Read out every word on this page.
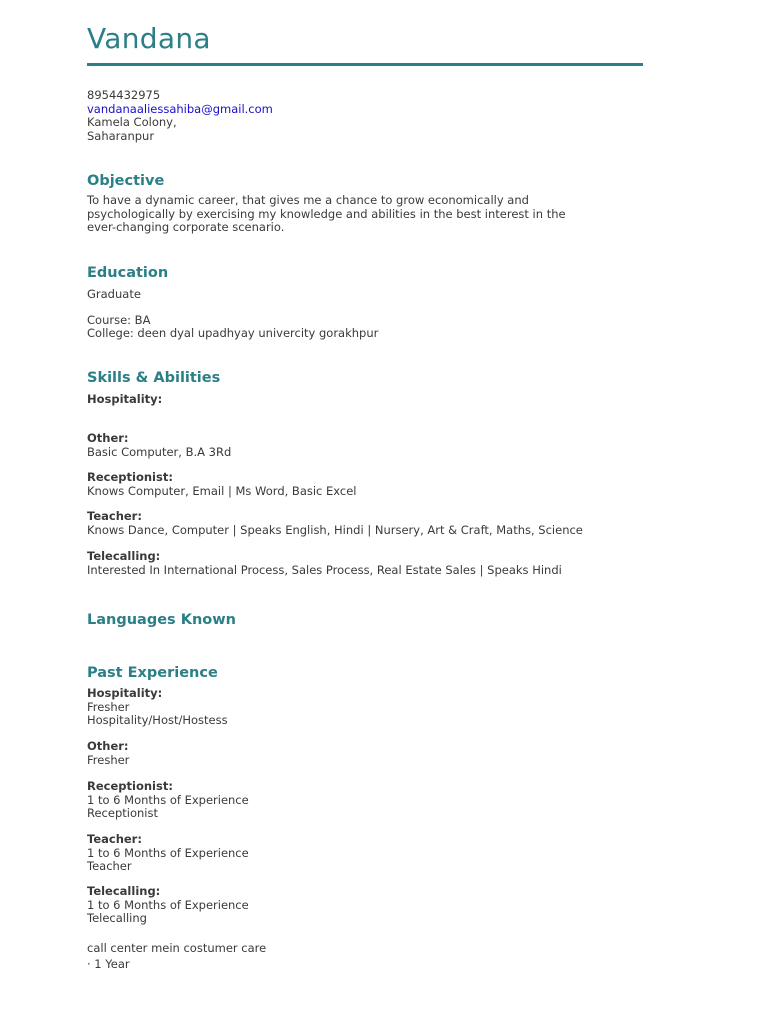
Vandana

8954432975

vandanaaliessahiba@gmail.com

Kamela Colony,

Saharanpur

Objective

To have a dynamic career, that gives me a chance to grow economically and

psychologically by exercising my knowledge and abilities in the best interest in the

ever-changing corporate scenario.

Education

Graduate

Course: BA

College: deen dyal upadhyay univercity gorakhpur

Skills & Abilities

Hospitality:

Other:

Basic Computer, B.A 3Rd

Receptionist:

Knows Computer, Email | Ms Word, Basic Excel

Teacher:

Knows Dance, Computer | Speaks English, Hindi | Nursery, Art & Craft, Maths, Science

Telecalling:

Interested In International Process, Sales Process, Real Estate Sales | Speaks Hindi

Languages Known
Past Experience

Hospitality:

Fresher

Hospitality/Host/Hostess

Other:

Fresher

Receptionist:

1 to 6 Months of Experience

Receptionist

Teacher:

1 to 6 Months of Experience

Teacher

Telecalling:

1 to 6 Months of Experience

Telecalling

call center mein costumer care

· 1 Year
